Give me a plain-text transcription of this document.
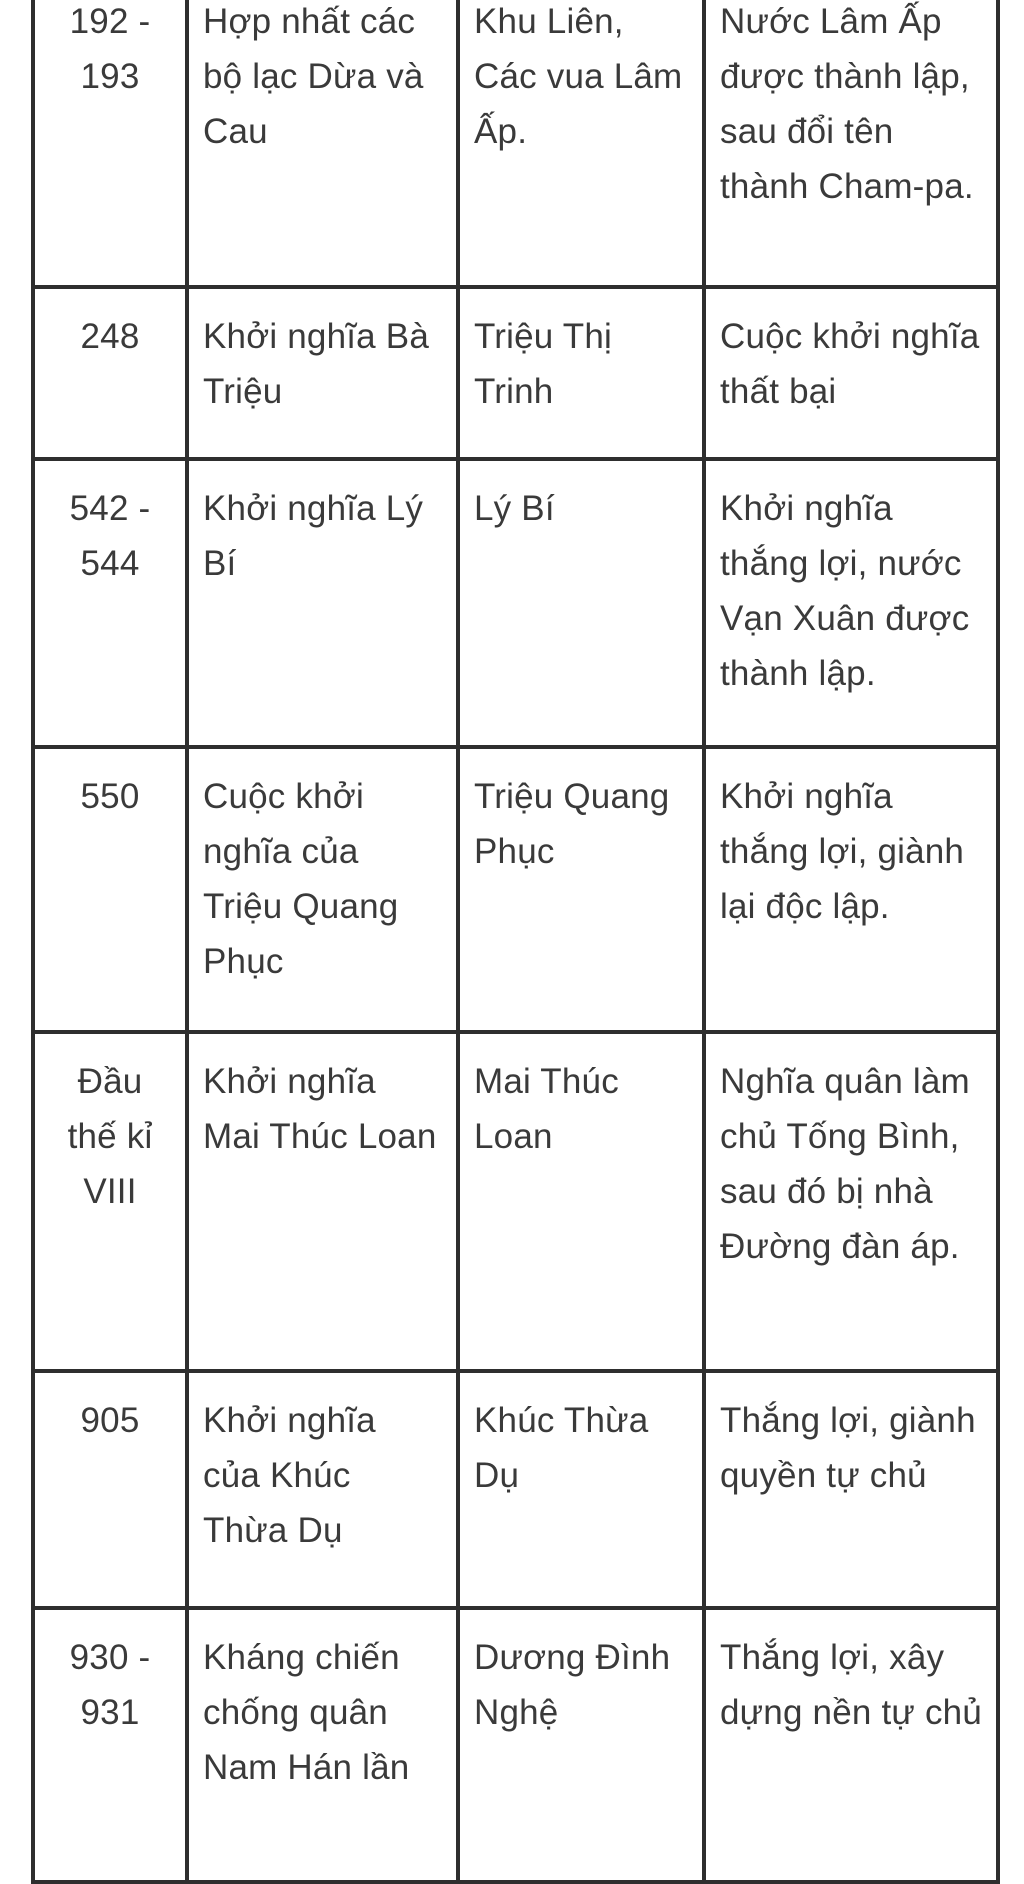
192 - 193	Hợp nhất các bộ lạc Dừa và Cau	Khu Liên, Các vua Lâm Ấp.	Nước Lâm Ấp được thành lập, sau đổi tên thành Cham-pa.
248	Khởi nghĩa Bà Triệu	Triệu Thị Trinh	Cuộc khởi nghĩa thất bại
542 - 544	Khởi nghĩa Lý Bí	Lý Bí	Khởi nghĩa thắng lợi, nước Vạn Xuân được thành lập.
550	Cuộc khởi nghĩa của Triệu Quang Phục	Triệu Quang Phục	Khởi nghĩa thắng lợi, giành lại độc lập.
Đầu thế kỉ VIII	Khởi nghĩa Mai Thúc Loan	Mai Thúc Loan	Nghĩa quân làm chủ Tống Bình, sau đó bị nhà Đường đàn áp.
905	Khởi nghĩa của Khúc Thừa Dụ	Khúc Thừa Dụ	Thắng lợi, giành quyền tự chủ
930 - 931	Kháng chiến chống quân Nam Hán lần	Dương Đình Nghệ	Thắng lợi, xây dựng nền tự chủ
